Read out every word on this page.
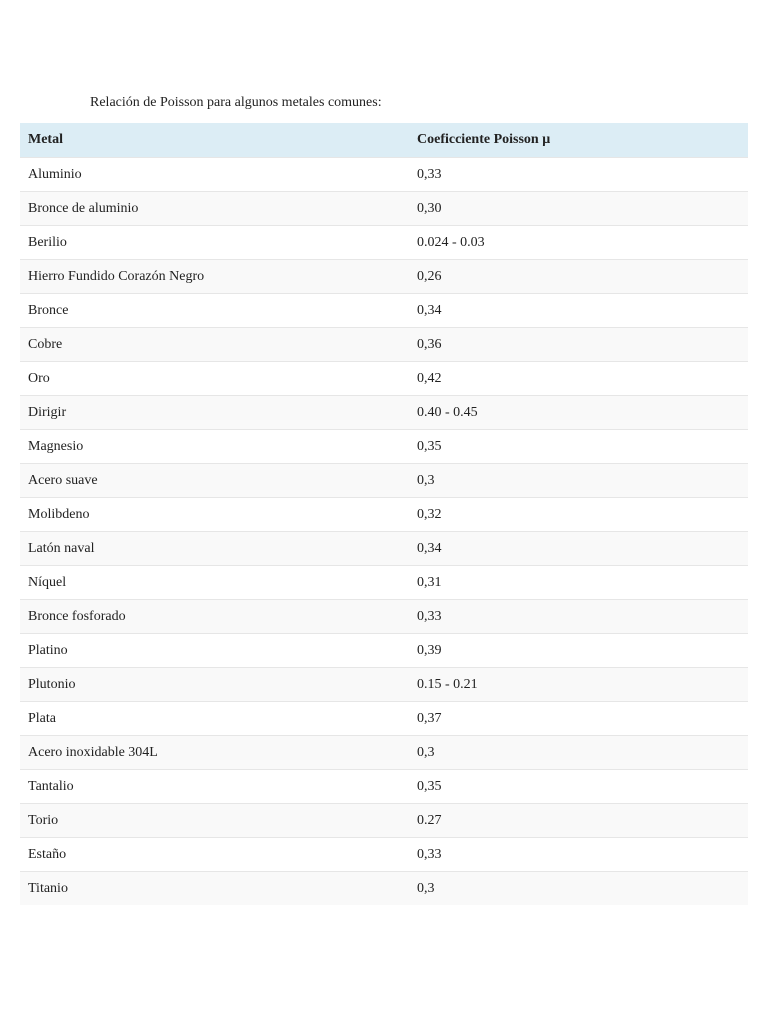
Relación de Poisson para algunos metales comunes:
Metal	Coeficciente Poisson μ
Aluminio	0,33
Bronce de aluminio	0,30
Berilio	0.024 - 0.03
Hierro Fundido Corazón Negro	0,26
Bronce	0,34
Cobre	0,36
Oro	0,42
Dirigir	0.40 - 0.45
Magnesio	0,35
Acero suave	0,3
Molibdeno	0,32
Latón naval	0,34
Níquel	0,31
Bronce fosforado	0,33
Platino	0,39
Plutonio	0.15 - 0.21
Plata	0,37
Acero inoxidable 304L	0,3
Tantalio	0,35
Torio	0.27
Estaño	0,33
Titanio	0,3
